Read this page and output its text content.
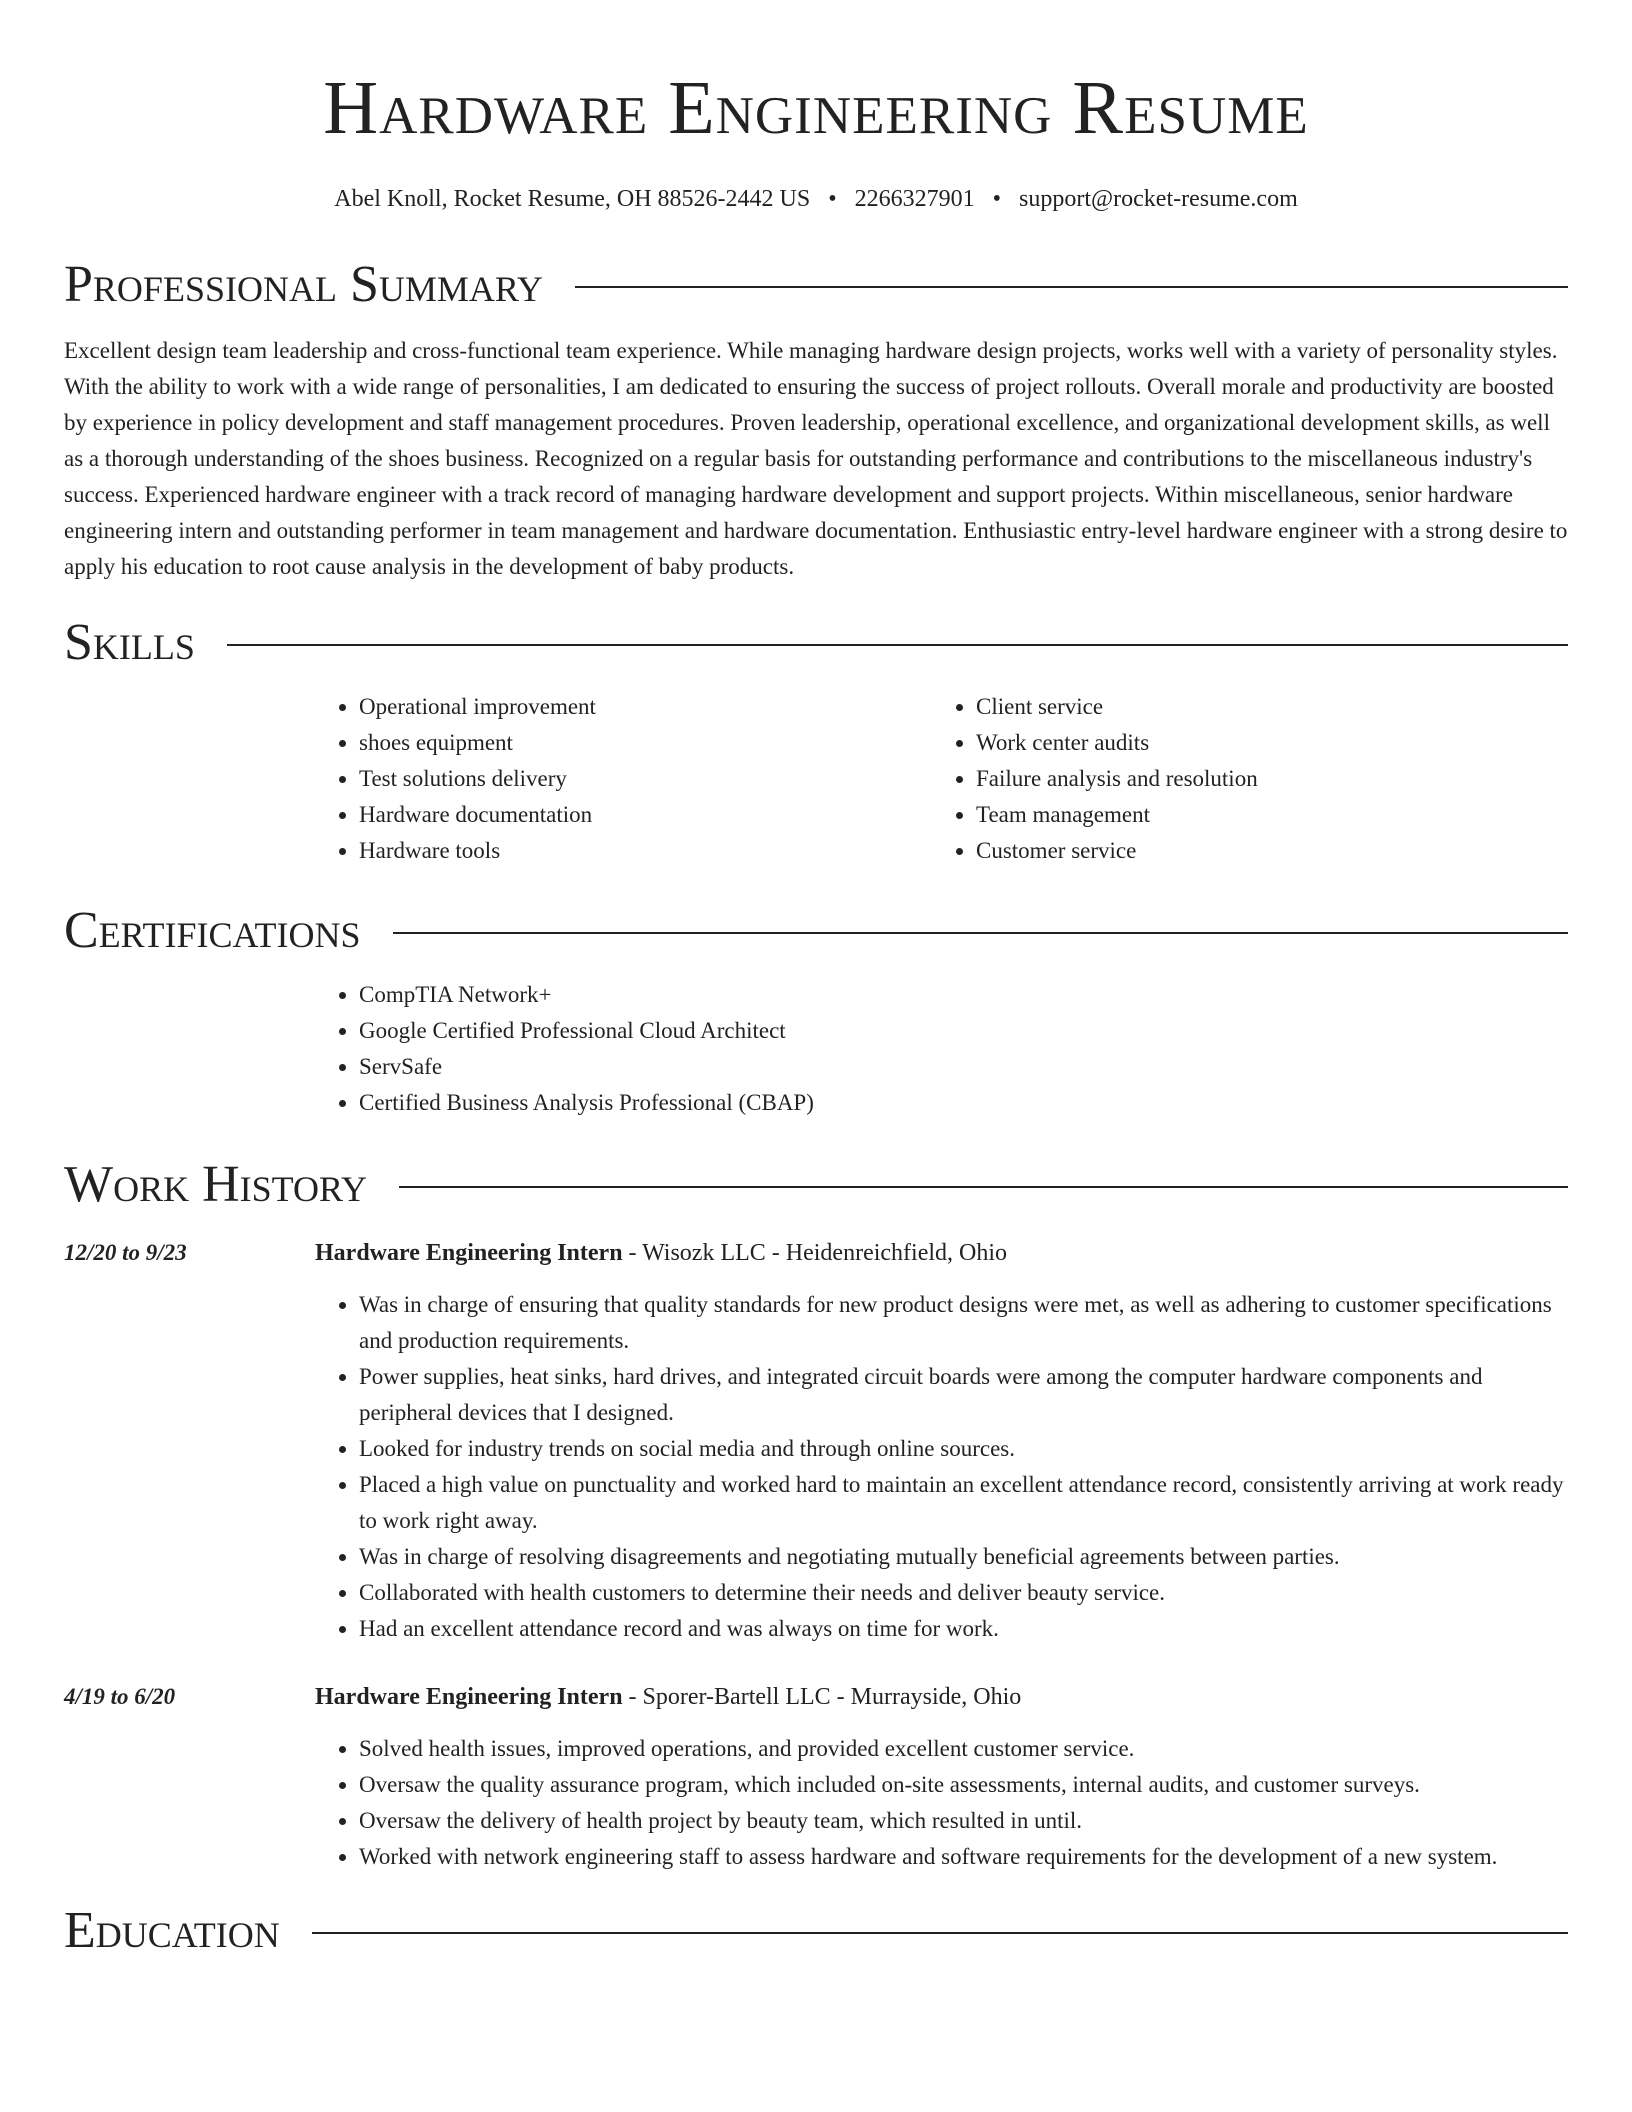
Hardware Engineering Resume
Abel Knoll, Rocket Resume, OH 88526-2442 US • 2266327901 • support@rocket-resume.com
Professional Summary

Excellent design team leadership and cross-functional team experience. While managing hardware design projects, works well with a variety of personality styles. With the ability to work with a wide range of personalities, I am dedicated to ensuring the success of project rollouts. Overall morale and productivity are boosted by experience in policy development and staff management procedures. Proven leadership, operational excellence, and organizational development skills, as well as a thorough understanding of the shoes business. Recognized on a regular basis for outstanding performance and contributions to the miscellaneous industry's success. Experienced hardware engineer with a track record of managing hardware development and support projects. Within miscellaneous, senior hardware engineering intern and outstanding performer in team management and hardware documentation. Enthusiastic entry-level hardware engineer with a strong desire to apply his education to root cause analysis in the development of baby products.

Skills
• Operational improvement
• shoes equipment
• Test solutions delivery
• Hardware documentation
• Hardware tools
• Client service
• Work center audits
• Failure analysis and resolution
• Team management
• Customer service
Certifications
• CompTIA Network+
• Google Certified Professional Cloud Architect
• ServSafe
• Certified Business Analysis Professional (CBAP)
Work History
12/20 to 9/23	Hardware Engineering Intern - Wisozk LLC - Heidenreichfield, Ohio
• Was in charge of ensuring that quality standards for new product designs were met, as well as adhering to customer specifications and production requirements.
• Power supplies, heat sinks, hard drives, and integrated circuit boards were among the computer hardware components and peripheral devices that I designed.
• Looked for industry trends on social media and through online sources.
• Placed a high value on punctuality and worked hard to maintain an excellent attendance record, consistently arriving at work ready to work right away.
• Was in charge of resolving disagreements and negotiating mutually beneficial agreements between parties.
• Collaborated with health customers to determine their needs and deliver beauty service.
• Had an excellent attendance record and was always on time for work.
4/19 to 6/20	Hardware Engineering Intern - Sporer-Bartell LLC - Murrayside, Ohio
• Solved health issues, improved operations, and provided excellent customer service.
• Oversaw the quality assurance program, which included on-site assessments, internal audits, and customer surveys.
• Oversaw the delivery of health project by beauty team, which resulted in until.
• Worked with network engineering staff to assess hardware and software requirements for the development of a new system.
Education
